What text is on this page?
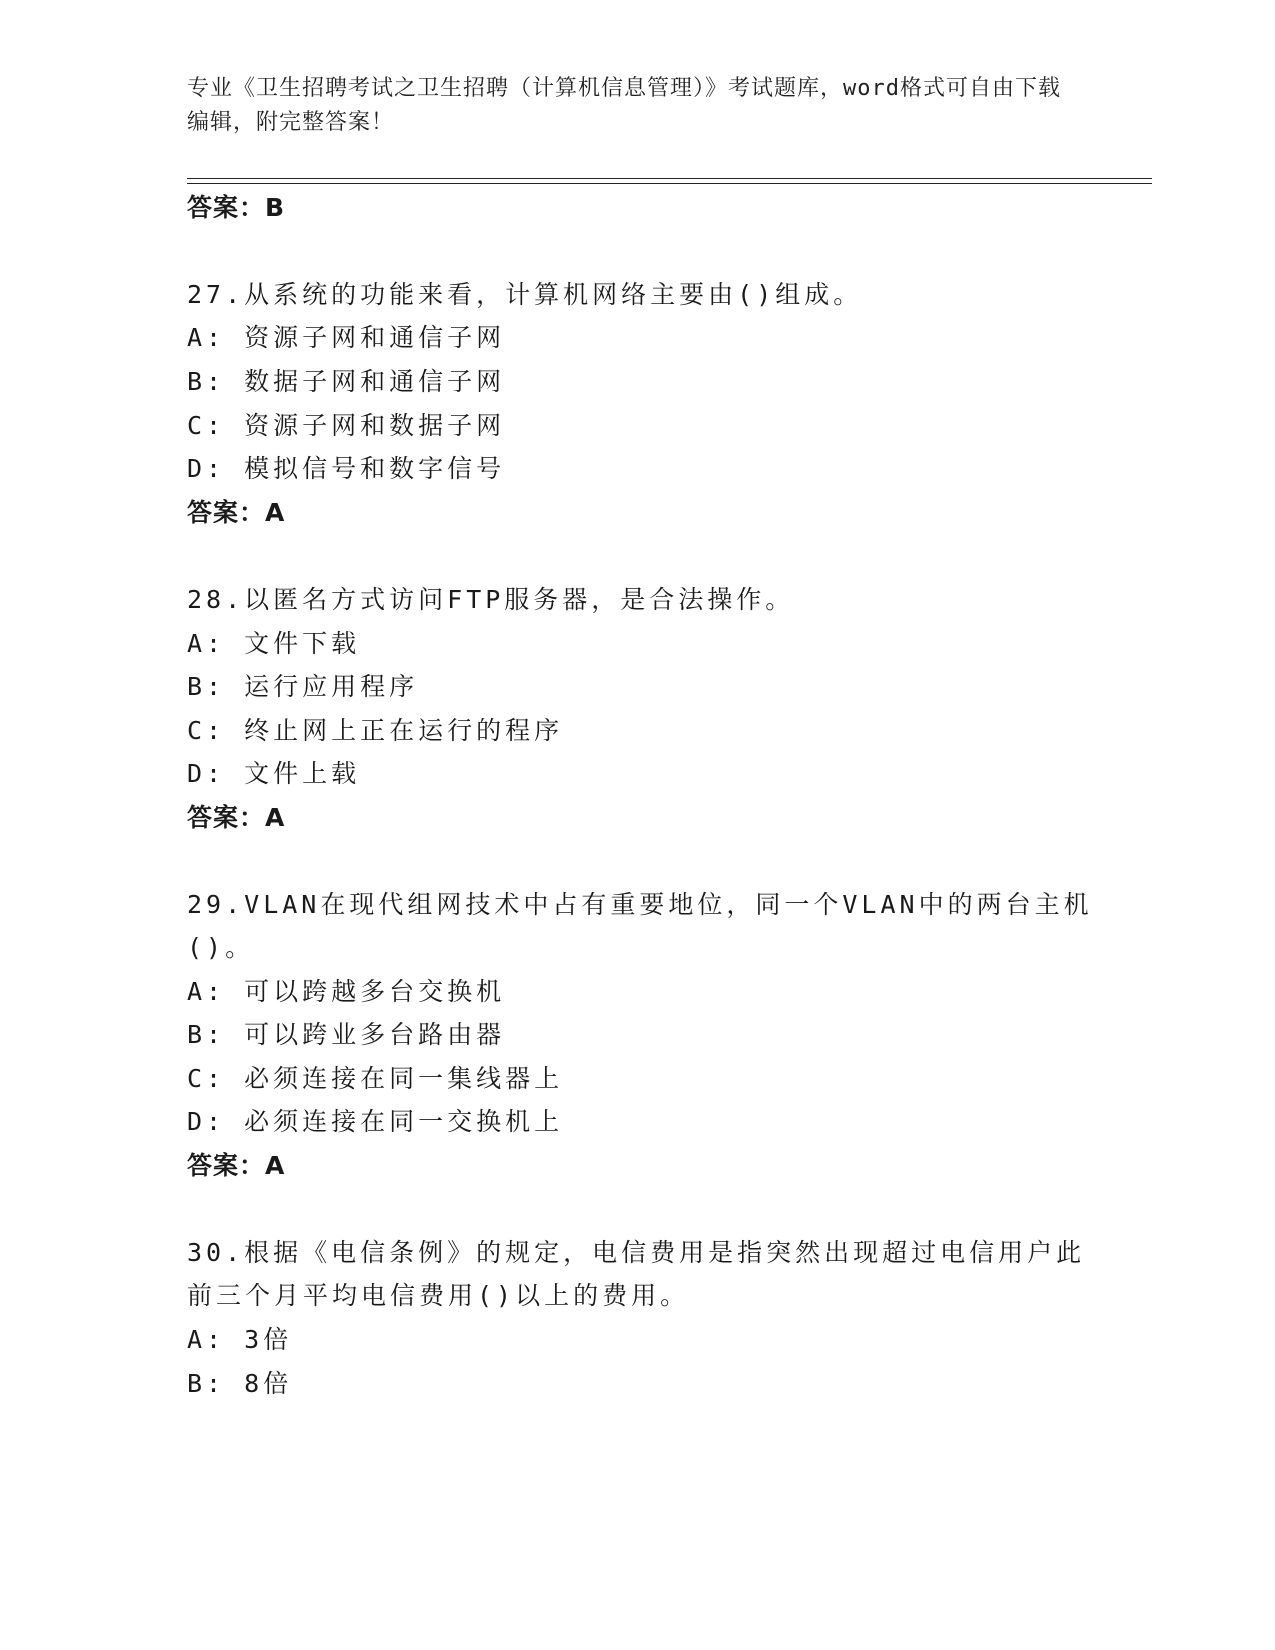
专业《卫生招聘考试之卫生招聘（计算机信息管理）》考试题库，word格式可自由下载编辑，附完整答案！
答案：B
27.从系统的功能来看，计算机网络主要由()组成。
A: 资源子网和通信子网
B: 数据子网和通信子网
C: 资源子网和数据子网
D: 模拟信号和数字信号
答案：A
28.以匿名方式访问FTP服务器，是合法操作。
A: 文件下载
B: 运行应用程序
C: 终止网上正在运行的程序
D: 文件上载
答案：A
29.VLAN在现代组网技术中占有重要地位，同一个VLAN中的两台主机
()。
A: 可以跨越多台交换机
B: 可以跨业多台路由器
C: 必须连接在同一集线器上
D: 必须连接在同一交换机上
答案：A
30.根据《电信条例》的规定，电信费用是指突然出现超过电信用户此
前三个月平均电信费用()以上的费用。
A: 3倍
B: 8倍
